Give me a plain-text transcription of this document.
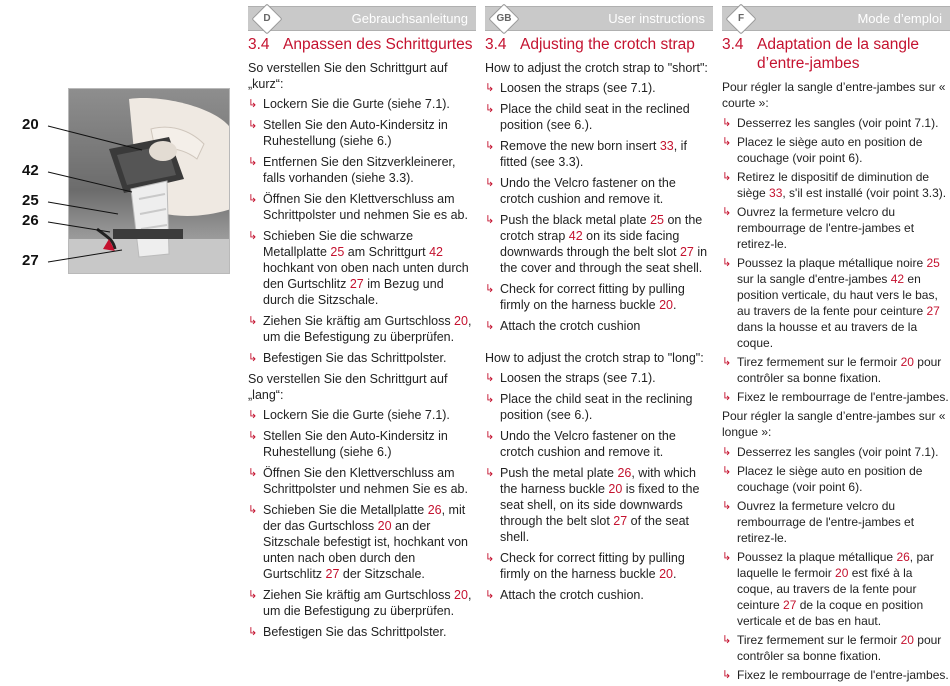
20
42
25
26
27
D	Gebrauchsanleitung
3.4 Anpassen des Schrittgurtes

So verstellen Sie den Schrittgurt auf „kurz“:

↳ Lockern Sie die Gurte (siehe 7.1).
↳ Stellen Sie den Auto-Kindersitz in Ruhestellung (siehe 6.)
↳ Entfernen Sie den Sitzverkleinerer, falls vorhanden (siehe 3.3).
↳ Öffnen Sie den Klettverschluss am Schrittpolster und nehmen Sie es ab.
↳ Schieben Sie die schwarze Metallplatte 25 am Schrittgurt 42 hochkant von oben nach unten durch den Gurtschlitz 27 im Bezug und durch die Sitzschale.
↳ Ziehen Sie kräftig am Gurtschloss 20, um die Befestigung zu überprüfen.
↳ Befestigen Sie das Schrittpolster.

So verstellen Sie den Schrittgurt auf „lang“:

↳ Lockern Sie die Gurte (siehe 7.1).
↳ Stellen Sie den Auto-Kindersitz in Ruhestellung (siehe 6.)
↳ Öffnen Sie den Klettverschluss am Schrittpolster und nehmen Sie es ab.
↳ Schieben Sie die Metallplatte 26, mit der das Gurtschloss 20 an der Sitzschale befestigt ist, hochkant von unten nach oben durch den Gurtschlitz 27 der Sitzschale.
↳ Ziehen Sie kräftig am Gurtschloss 20, um die Befestigung zu überprüfen.
↳ Befestigen Sie das Schrittpolster.
GB	User instructions
3.4 Adjusting the crotch strap

How to adjust the crotch strap to "short":

↳ Loosen the straps (see 7.1).
↳ Place the child seat in the reclined position (see 6.).
↳ Remove the new born insert 33, if fitted (see 3.3).
↳ Undo the Velcro fastener on the crotch cushion and remove it.
↳ Push the black metal plate 25 on the crotch strap 42 on its side facing downwards through the belt slot 27 in the cover and through the seat shell.
↳ Check for correct fitting by pulling firmly on the harness buckle 20.
↳ Attach the crotch cushion

How to adjust the crotch strap to "long":

↳ Loosen the straps (see 7.1).
↳ Place the child seat in the reclining position (see 6.).
↳ Undo the Velcro fastener on the crotch cushion and remove it.
↳ Push the metal plate 26, with which the harness buckle 20 is fixed to the seat shell, on its side downwards through the belt slot 27 of the seat shell.
↳ Check for correct fitting by pulling firmly on the harness buckle 20.
↳ Attach the crotch cushion.
F	Mode d’emploi
3.4 Adaptation de la sangle d’entre-jambes

Pour régler la sangle d’entre-jambes sur « courte »:

↳ Desserrez les sangles (voir point 7.1).
↳ Placez le siège auto en position de couchage (voir point 6).
↳ Retirez le dispositif de diminution de siège 33, s'il est installé (voir point 3.3).
↳ Ouvrez la fermeture velcro du rembourrage de l'entre-jambes et retirez-le.
↳ Poussez la plaque métallique noire 25 sur la sangle d'entre-jambes 42 en position verticale, du haut vers le bas, au travers de la fente pour ceinture 27 dans la housse et au travers de la coque.
↳ Tirez fermement sur le fermoir 20 pour contrôler sa bonne fixation.
↳ Fixez le rembourrage de l'entre-jambes.

Pour régler la sangle d’entre-jambes sur « longue »:

↳ Desserrez les sangles (voir point 7.1).
↳ Placez le siège auto en position de couchage (voir point 6).
↳ Ouvrez la fermeture velcro du rembourrage de l'entre-jambes et retirez-le.
↳ Poussez la plaque métallique 26, par laquelle le fermoir 20 est fixé à la coque, au travers de la fente pour ceinture 27 de la coque en position verticale et de bas en haut.
↳ Tirez fermement sur le fermoir 20 pour contrôler sa bonne fixation.
↳ Fixez le rembourrage de l'entre-jambes.
